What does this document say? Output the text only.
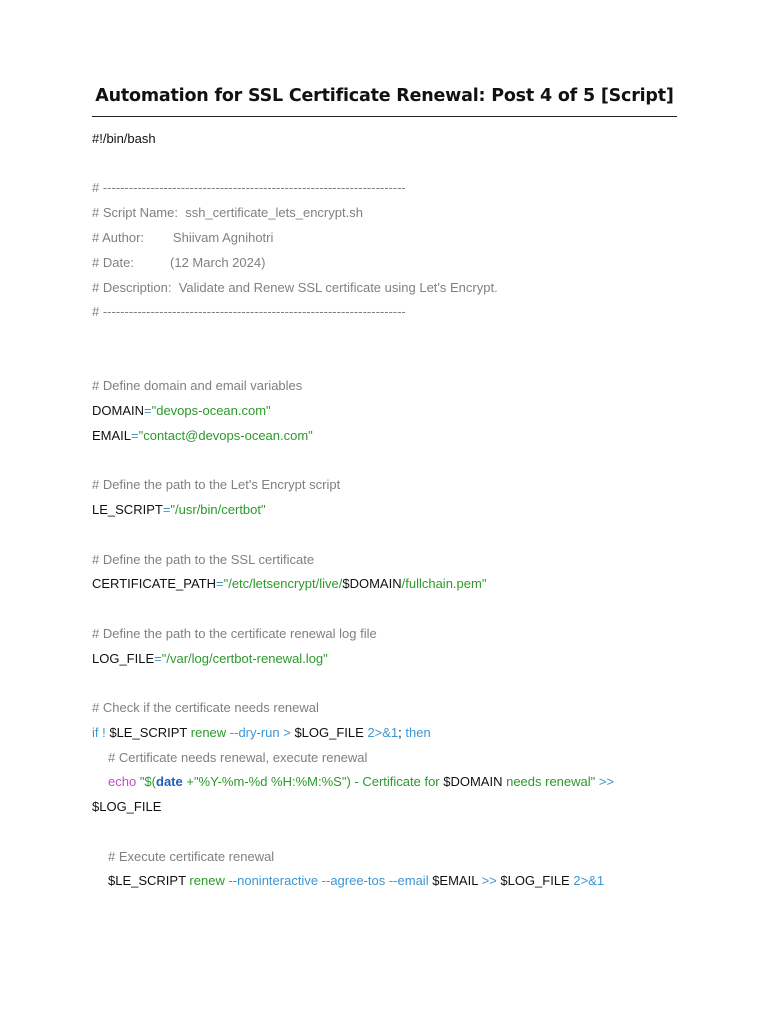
Automation for SSL Certificate Renewal: Post 4 of 5 [Script]
#!/bin/bash
# ----------------------------------------------------------------------
# Script Name:  ssh_certificate_lets_encrypt.sh
# Author:        Shiivam Agnihotri
# Date:          (12 March 2024)
# Description:  Validate and Renew SSL certificate using Let's Encrypt.
# ----------------------------------------------------------------------
# Define domain and email variables
DOMAIN="devops-ocean.com"
EMAIL="contact@devops-ocean.com"
# Define the path to the Let's Encrypt script
LE_SCRIPT="/usr/bin/certbot"
# Define the path to the SSL certificate
CERTIFICATE_PATH="/etc/letsencrypt/live/$DOMAIN/fullchain.pem"
# Define the path to the certificate renewal log file
LOG_FILE="/var/log/certbot-renewal.log"
# Check if the certificate needs renewal
if ! $LE_SCRIPT renew --dry-run > $LOG_FILE 2>&1; then
# Certificate needs renewal, execute renewal
echo "$(date +"%Y-%m-%d %H:%M:%S") - Certificate for $DOMAIN needs renewal" >>
$LOG_FILE
# Execute certificate renewal
$LE_SCRIPT renew --noninteractive --agree-tos --email $EMAIL >> $LOG_FILE 2>&1
